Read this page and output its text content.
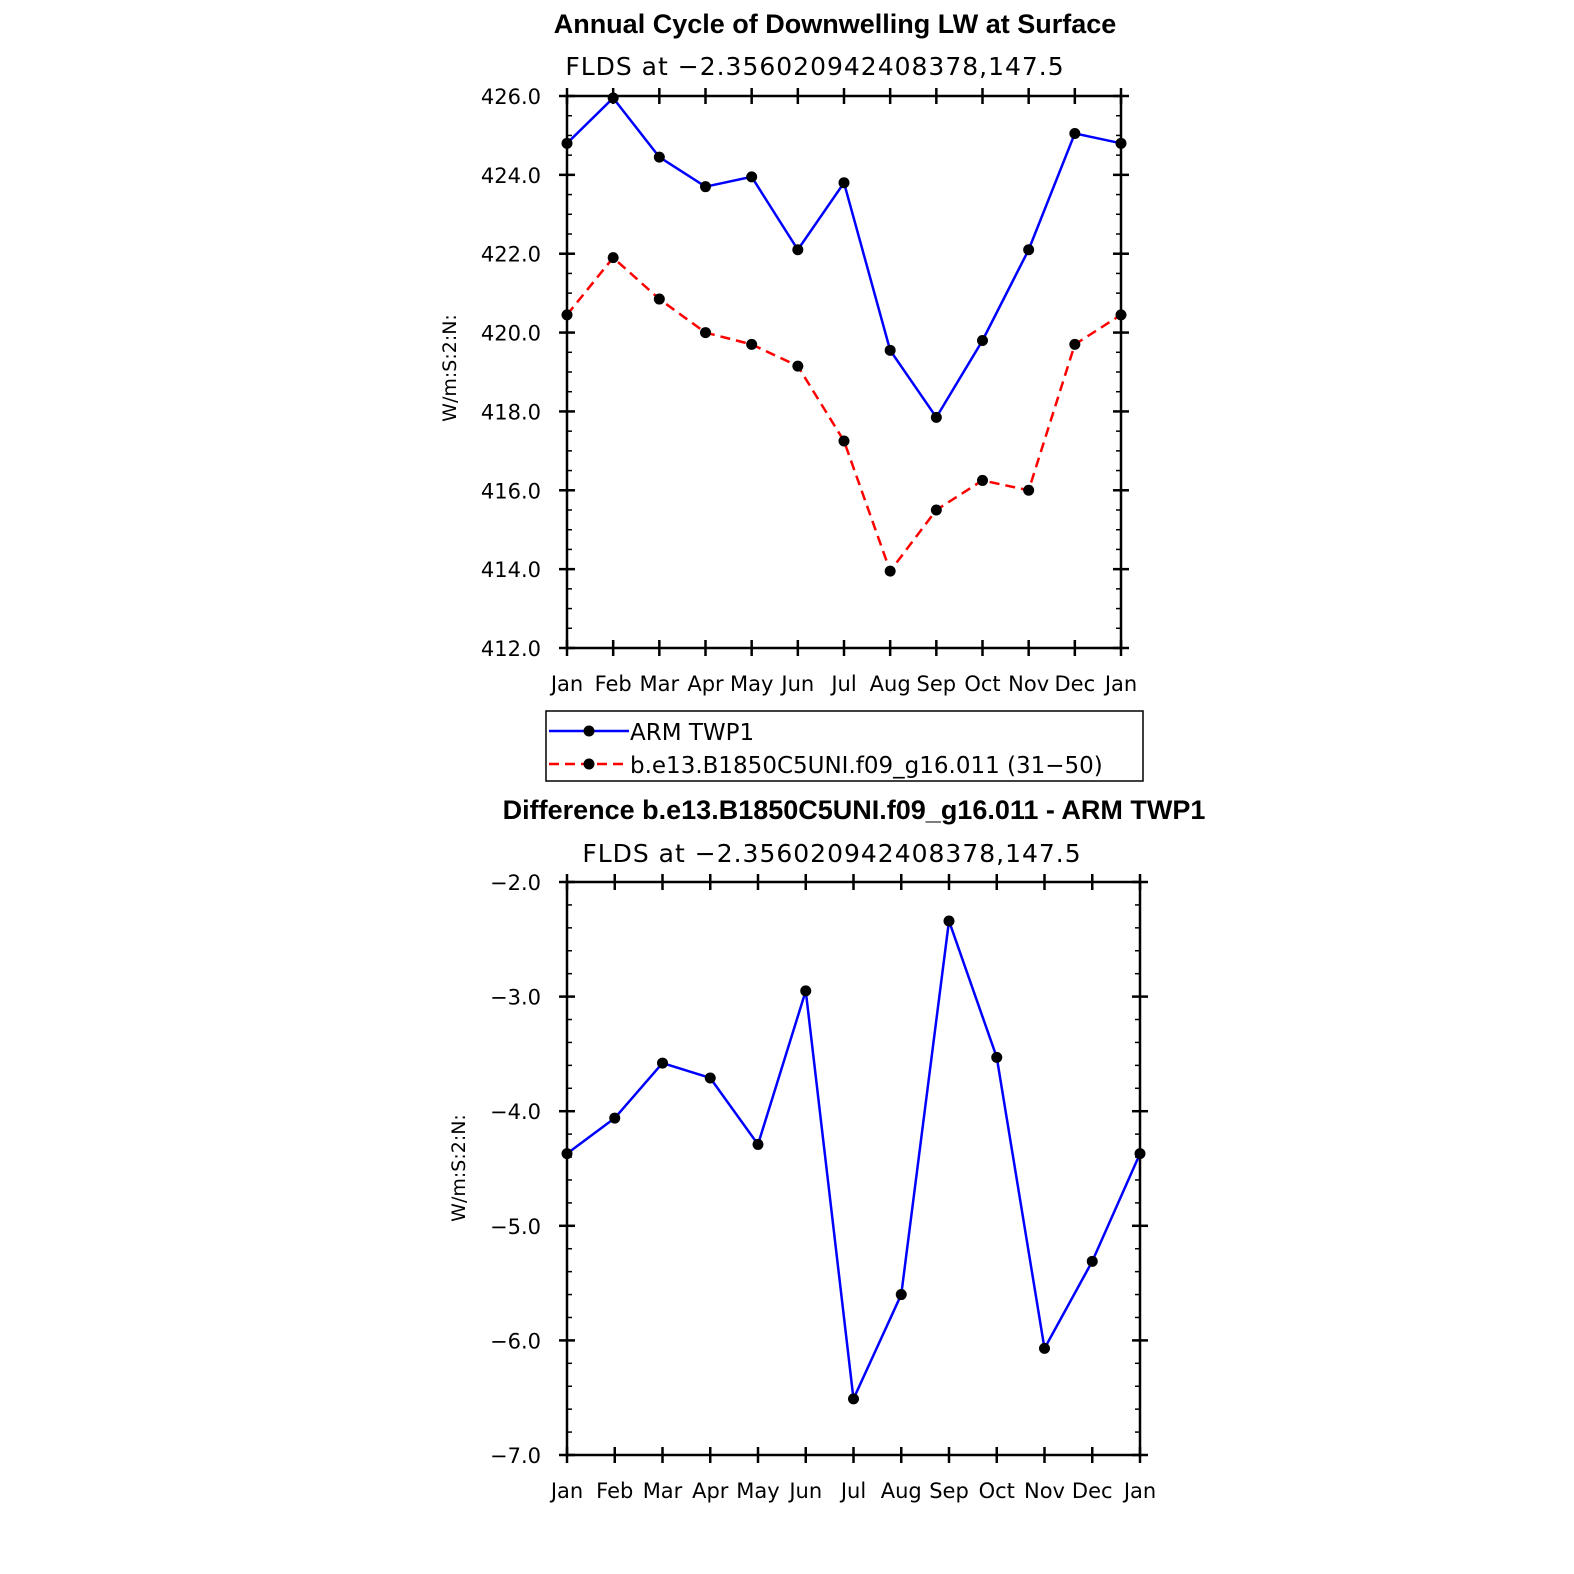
Annual Cycle of Downwelling LW at Surface
FLDS at −2.356020942408378,147.5
W/m:S:2:N:
412.0
414.0
416.0
418.0
420.0
422.0
424.0
426.0
Jan Feb Mar Apr May Jun Jul Aug Sep Oct Nov Dec Jan
ARM TWP1
b.e13.B1850C5UNI.f09_g16.011 (31−50)
Difference b.e13.B1850C5UNI.f09_g16.011 - ARM TWP1
FLDS at −2.356020942408378,147.5
W/m:S:2:N:
−7.0
−6.0
−5.0
−4.0
−3.0
−2.0
Jan Feb Mar Apr May Jun Jul Aug Sep Oct Nov Dec Jan
